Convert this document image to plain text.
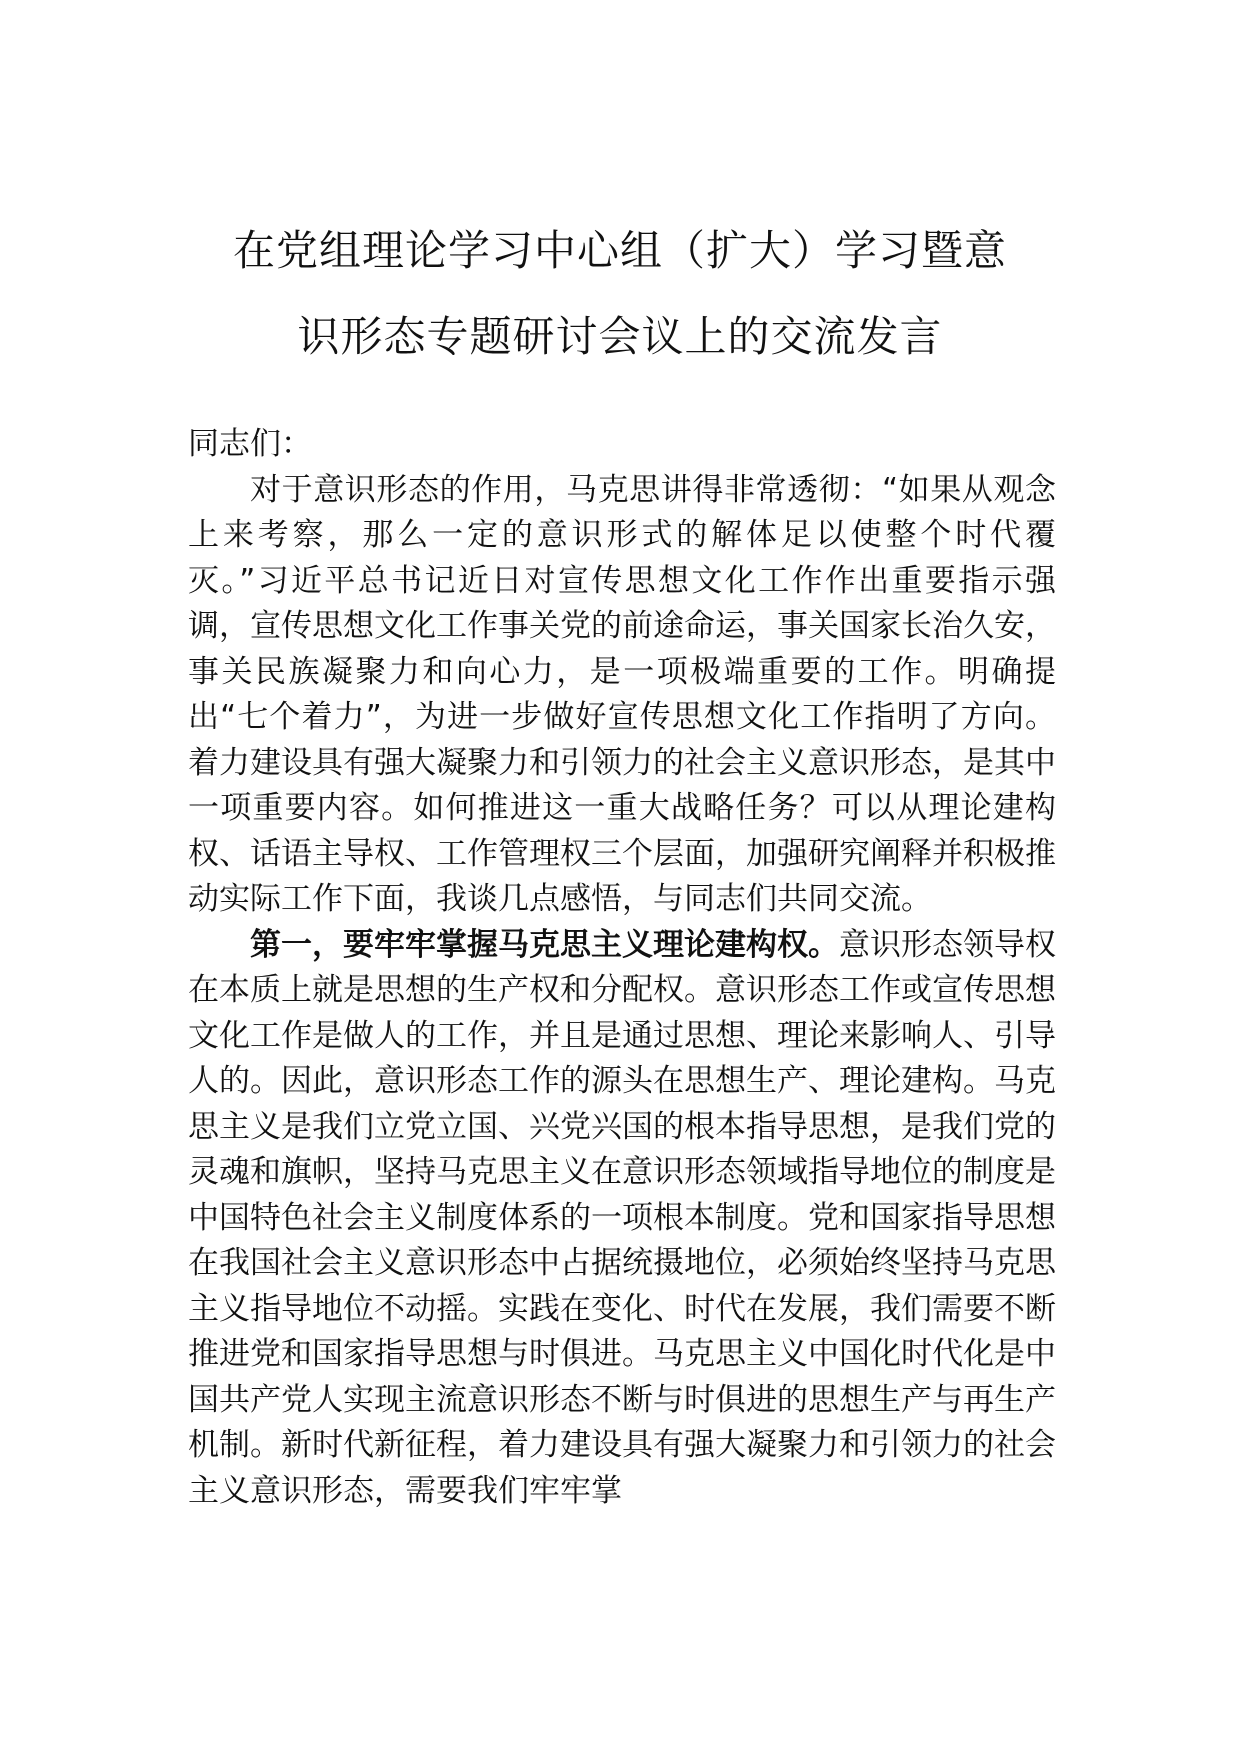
在党组理论学习中心组（扩大）学习暨意
识形态专题研讨会议上的交流发言

同志们：

对于意识形态的作用，马克思讲得非常透彻：“如果从观念上来考察，那么一定的意识形式的解体足以使整个时代覆灭。”习近平总书记近日对宣传思想文化工作作出重要指示强调，宣传思想文化工作事关党的前途命运，事关国家长治久安，事关民族凝聚力和向心力，是一项极端重要的工作。明确提出“七个着力”，为进一步做好宣传思想文化工作指明了方向。着力建设具有强大凝聚力和引领力的社会主义意识形态，是其中一项重要内容。如何推进这一重大战略任务？可以从理论建构权、话语主导权、工作管理权三个层面，加强研究阐释并积极推动实际工作下面，我谈几点感悟，与同志们共同交流。

第一，要牢牢掌握马克思主义理论建构权。意识形态领导权在本质上就是思想的生产权和分配权。意识形态工作或宣传思想文化工作是做人的工作，并且是通过思想、理论来影响人、引导人的。因此，意识形态工作的源头在思想生产、理论建构。马克思主义是我们立党立国、兴党兴国的根本指导思想，是我们党的灵魂和旗帜，坚持马克思主义在意识形态领域指导地位的制度是中国特色社会主义制度体系的一项根本制度。党和国家指导思想在我国社会主义意识形态中占据统摄地位，必须始终坚持马克思主义指导地位不动摇。实践在变化、时代在发展，我们需要不断推进党和国家指导思想与时俱进。马克思主义中国化时代化是中国共产党人实现主流意识形态不断与时俱进的思想生产与再生产机制。新时代新征程，着力建设具有强大凝聚力和引领力的社会主义意识形态，需要我们牢牢掌
